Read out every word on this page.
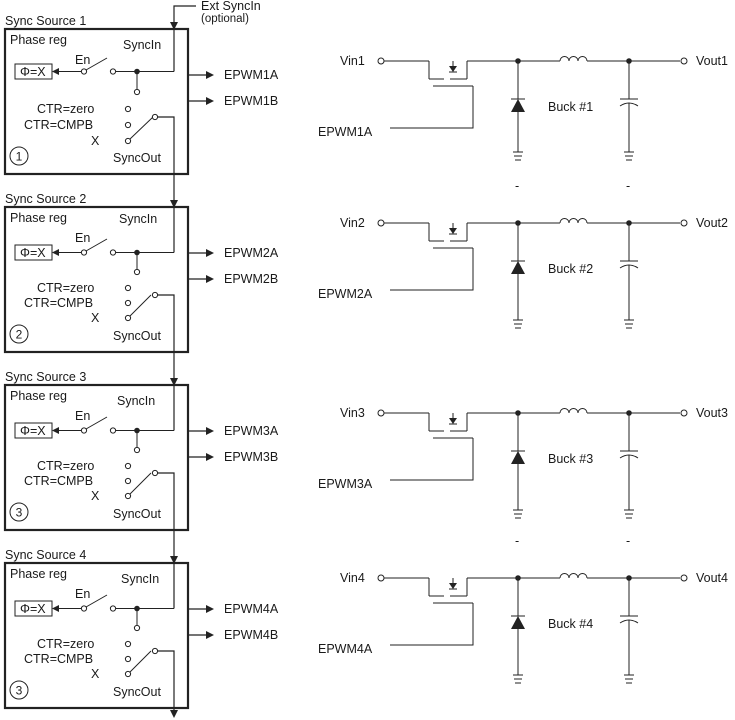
Ext SyncIn
(optional)
Sync Source 1
Phase reg	SyncIn
En
Φ=X
CTR=zero
CTR=CMPB
X
1	SyncOut
EPWM1A
EPWM1B
Sync Source 2
Phase reg	SyncIn
En
Φ=X
CTR=zero
CTR=CMPB
X
2	SyncOut
EPWM2A
EPWM2B
Sync Source 3
Phase reg	SyncIn
En
Φ=X
CTR=zero
CTR=CMPB
X
3	SyncOut
EPWM3A
EPWM3B
Sync Source 4
Phase reg	SyncIn
En
Φ=X
CTR=zero
CTR=CMPB
X
3	SyncOut
EPWM4A
EPWM4B
Vin1
EPWM1A
Vout1
Buck #1
Vin2
EPWM2A
Vout2
Buck #2
Vin3
EPWM3A
Vout3
Buck #3
Vin4
EPWM4A
Vout4
Buck #4
-	-
-	-
